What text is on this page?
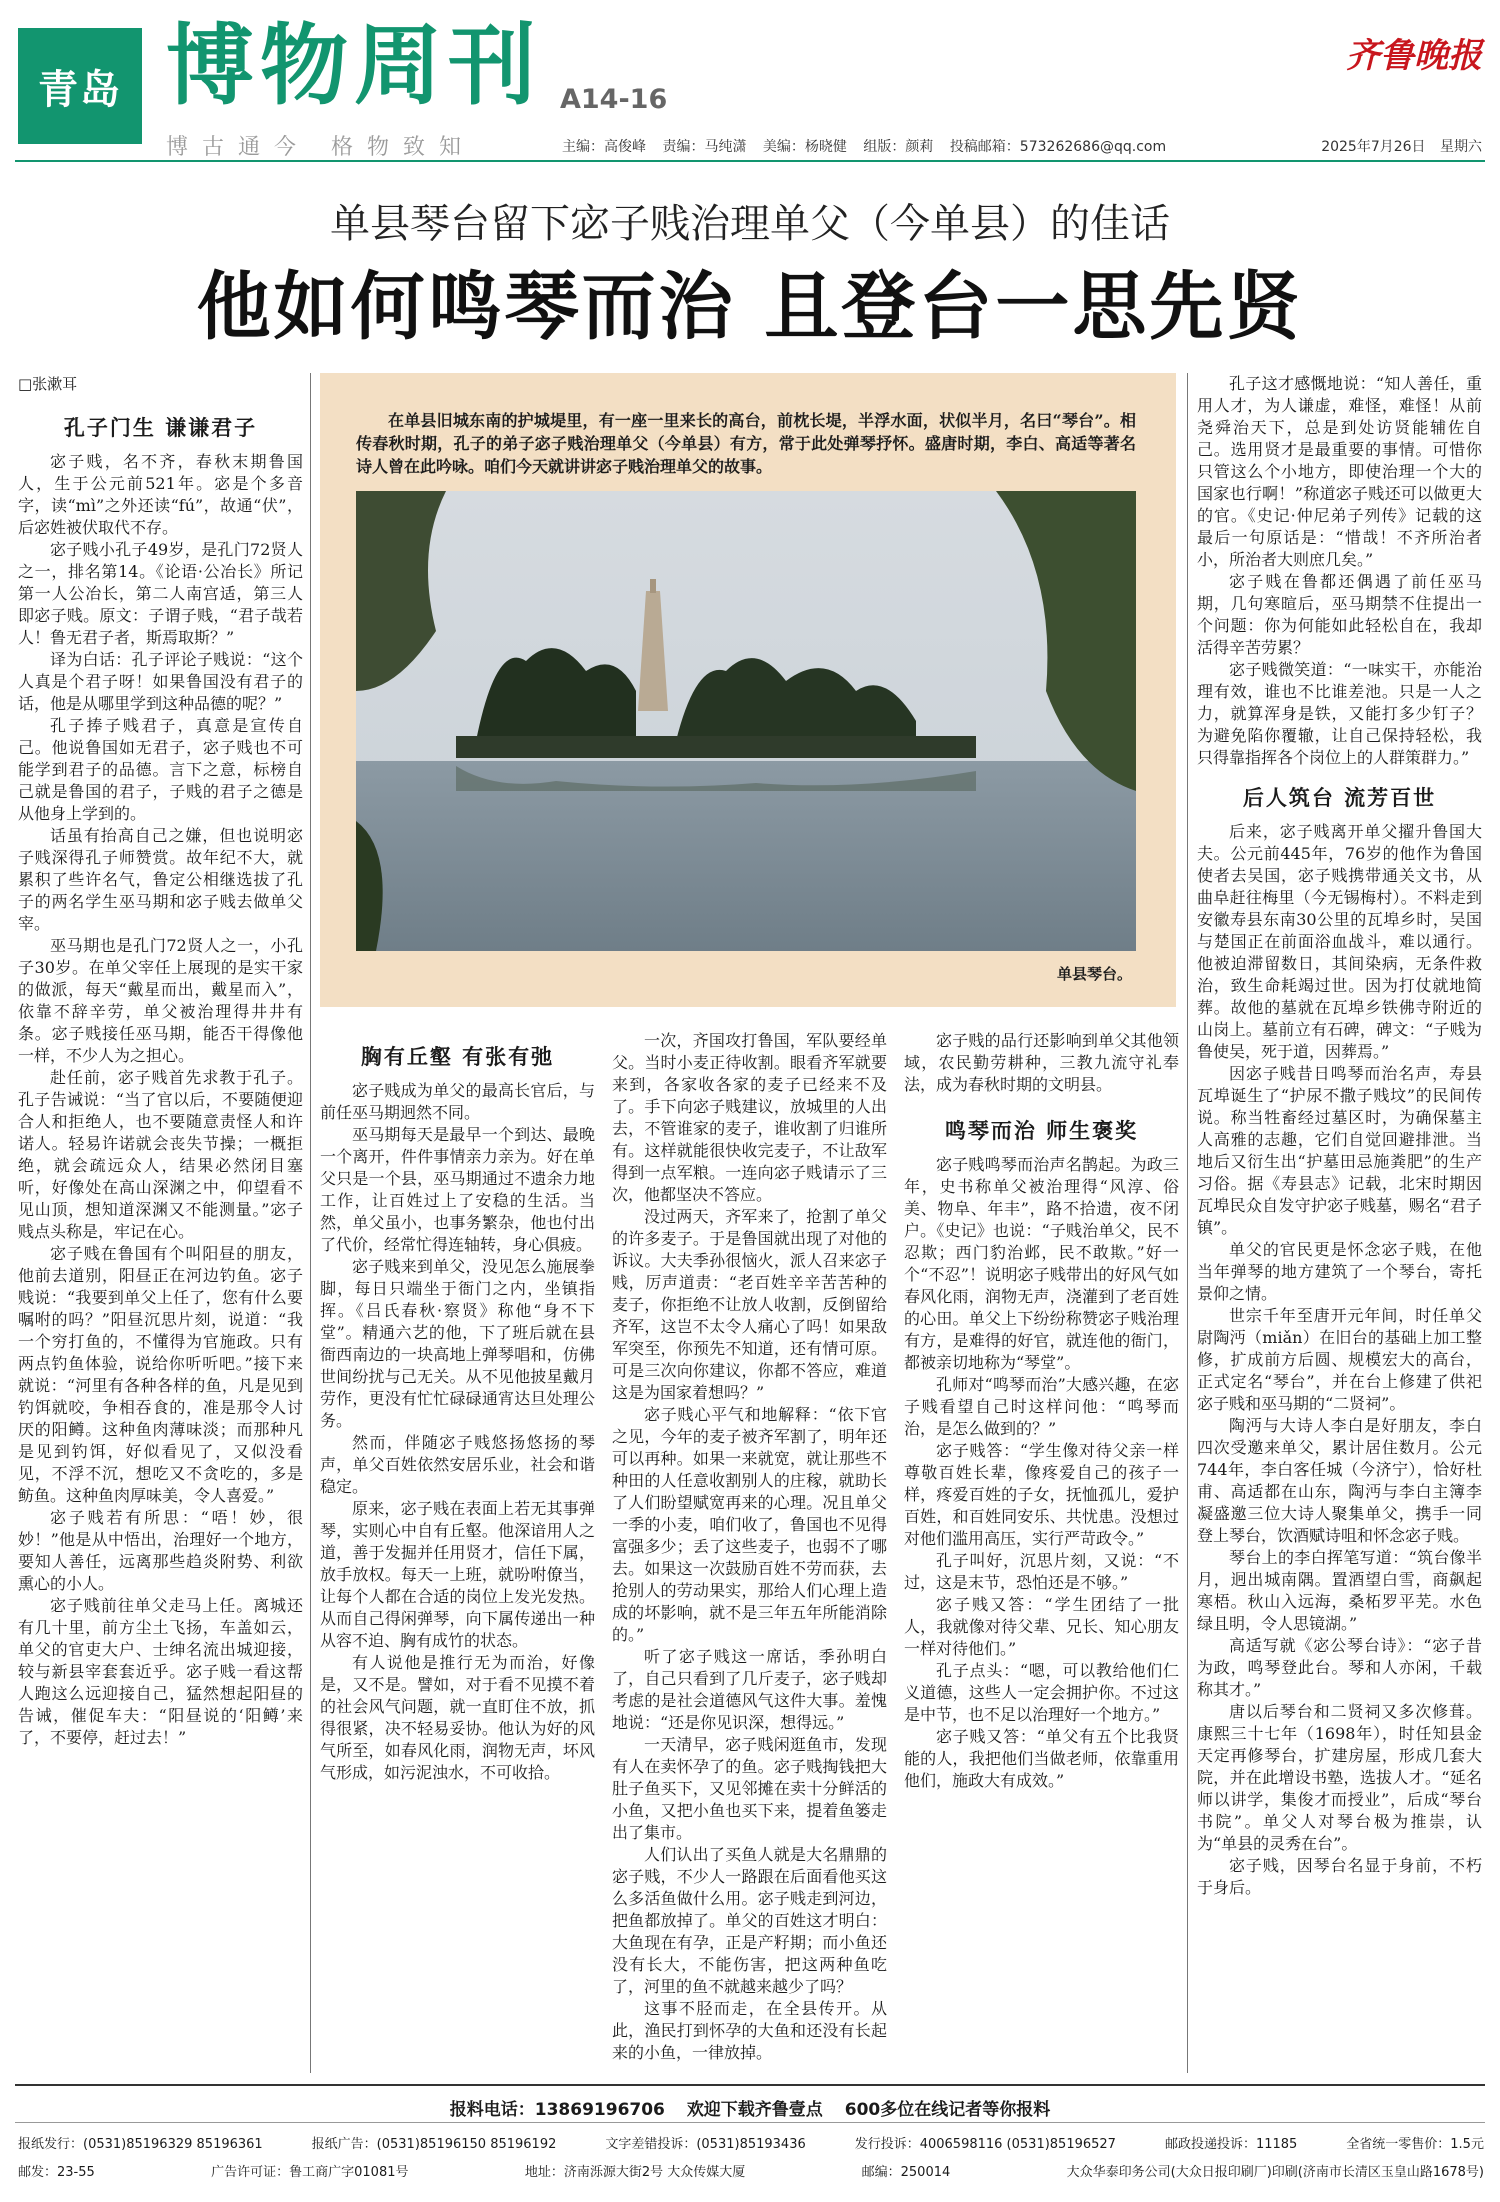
青岛 博物周刊 A14-16
齐鲁晚报
博古通今 格物致知	主编：高俊峰 责编：马纯潇 美编：杨晓健 组版：颜莉 投稿邮箱：573262686@qq.com	2025年7月26日 星期六
单县琴台留下宓子贱治理单父（今单县）的佳话
他如何鸣琴而治 且登台一思先贤
□张漱耳
孔子门生 谦谦君子

宓子贱，名不齐，春秋末期鲁国人，生于公元前521年。宓是个多音字，读“mì”之外还读“fú”，故通“伏”，后宓姓被伏取代不存。

宓子贱小孔子49岁，是孔门72贤人之一，排名第14。《论语·公冶长》所记第一人公冶长，第二人南宫适，第三人即宓子贱。原文：子谓子贱，“君子哉若人！鲁无君子者，斯焉取斯？”

译为白话：孔子评论子贱说：“这个人真是个君子呀！如果鲁国没有君子的话，他是从哪里学到这种品德的呢？”

孔子捧子贱君子，真意是宣传自己。他说鲁国如无君子，宓子贱也不可能学到君子的品德。言下之意，标榜自己就是鲁国的君子，子贱的君子之德是从他身上学到的。

话虽有抬高自己之嫌，但也说明宓子贱深得孔子师赞赏。故年纪不大，就累积了些许名气，鲁定公相继选拔了孔子的两名学生巫马期和宓子贱去做单父宰。

巫马期也是孔门72贤人之一，小孔子30岁。在单父宰任上展现的是实干家的做派，每天“戴星而出，戴星而入”，依靠不辞辛劳，单父被治理得井井有条。宓子贱接任巫马期，能否干得像他一样，不少人为之担心。

赴任前，宓子贱首先求教于孔子。孔子告诫说：“当了官以后，不要随便迎合人和拒绝人，也不要随意责怪人和许诺人。轻易许诺就会丧失节操；一概拒绝，就会疏远众人，结果必然闭目塞听，好像处在高山深渊之中，仰望看不见山顶，想知道深渊又不能测量。”宓子贱点头称是，牢记在心。

宓子贱在鲁国有个叫阳昼的朋友，他前去道别，阳昼正在河边钓鱼。宓子贱说：“我要到单父上任了，您有什么要嘱咐的吗？”阳昼沉思片刻，说道：“我一个穷打鱼的，不懂得为官施政。只有两点钓鱼体验，说给你听听吧。”接下来就说：“河里有各种各样的鱼，凡是见到钓饵就咬，争相吞食的，准是那令人讨厌的阳鳟。这种鱼肉薄味淡；而那种凡是见到钓饵，好似看见了，又似没看见，不浮不沉，想吃又不贪吃的，多是鲂鱼。这种鱼肉厚味美，令人喜爱。”

宓子贱若有所思：“唔！妙，很妙！”他是从中悟出，治理好一个地方，要知人善任，远离那些趋炎附势、利欲熏心的小人。

宓子贱前往单父走马上任。离城还有几十里，前方尘土飞扬，车盖如云，单父的官吏大户、士绅名流出城迎接，较与新县宰套套近乎。宓子贱一看这帮人跑这么远迎接自己，猛然想起阳昼的告诫，催促车夫：“阳昼说的‘阳鳟’来了，不要停，赶过去！”

在单县旧城东南的护城堤里，有一座一里来长的高台，前枕长堤，半浮水面，状似半月，名曰“琴台”。相传春秋时期，孔子的弟子宓子贱治理单父（今单县）有方，常于此处弹琴抒怀。盛唐时期，李白、高适等著名诗人曾在此吟咏。咱们今天就讲讲宓子贱治理单父的故事。

单县琴台。
胸有丘壑 有张有弛

宓子贱成为单父的最高长官后，与前任巫马期迥然不同。

巫马期每天是最早一个到达、最晚一个离开，件件事情亲力亲为。好在单父只是一个县，巫马期通过不遗余力地工作，让百姓过上了安稳的生活。当然，单父虽小，也事务繁杂，他也付出了代价，经常忙得连轴转，身心俱疲。

宓子贱来到单父，没见怎么施展拳脚，每日只端坐于衙门之内，坐镇指挥。《吕氏春秋·察贤》称他“身不下堂”。精通六艺的他，下了班后就在县衙西南边的一块高地上弹琴唱和，仿佛世间纷扰与己无关。从不见他披星戴月劳作，更没有忙忙碌碌通宵达旦处理公务。

然而，伴随宓子贱悠扬悠扬的琴声，单父百姓依然安居乐业，社会和谐稳定。

原来，宓子贱在表面上若无其事弹琴，实则心中自有丘壑。他深谙用人之道，善于发掘并任用贤才，信任下属，放手放权。每天一上班，就吩咐僚当，让每个人都在合适的岗位上发光发热。从而自己得闲弹琴，向下属传递出一种从容不迫、胸有成竹的状态。

有人说他是推行无为而治，好像是，又不是。譬如，对于看不见摸不着的社会风气问题，就一直盯住不放，抓得很紧，决不轻易妥协。他认为好的风气所至，如春风化雨，润物无声，坏风气形成，如污泥浊水，不可收拾。

一次，齐国攻打鲁国，军队要经单父。当时小麦正待收割。眼看齐军就要来到，各家收各家的麦子已经来不及了。手下向宓子贱建议，放城里的人出去，不管谁家的麦子，谁收割了归谁所有。这样就能很快收完麦子，不让敌军得到一点军粮。一连向宓子贱请示了三次，他都坚决不答应。

没过两天，齐军来了，抢割了单父的许多麦子。于是鲁国就出现了对他的诉议。大夫季孙很恼火，派人召来宓子贱，厉声道责：“老百姓辛辛苦苦种的麦子，你拒绝不让放人收割，反倒留给齐军，这岂不太令人痛心了吗！如果敌军突至，你预先不知道，还有情可原。可是三次向你建议，你都不答应，难道这是为国家着想吗？”

宓子贱心平气和地解释：“依下官之见，今年的麦子被齐军割了，明年还可以再种。如果一来就宽，就让那些不种田的人任意收割别人的庄稼，就助长了人们盼望赋宽再来的心理。况且单父一季的小麦，咱们收了，鲁国也不见得富强多少；丢了这些麦子，也弱不了哪去。如果这一次鼓励百姓不劳而获，去抢别人的劳动果实，那给人们心理上造成的坏影响，就不是三年五年所能消除的。”

听了宓子贱这一席话，季孙明白了，自己只看到了几斤麦子，宓子贱却考虑的是社会道德风气这件大事。羞愧地说：“还是你见识深，想得远。”

一天清早，宓子贱闲逛鱼市，发现有人在卖怀孕了的鱼。宓子贱掏钱把大肚子鱼买下，又见邻摊在卖十分鲜活的小鱼，又把小鱼也买下来，提着鱼篓走出了集市。

人们认出了买鱼人就是大名鼎鼎的宓子贱，不少人一路跟在后面看他买这么多活鱼做什么用。宓子贱走到河边，把鱼都放掉了。单父的百姓这才明白：大鱼现在有孕，正是产籽期；而小鱼还没有长大，不能伤害，把这两种鱼吃了，河里的鱼不就越来越少了吗？

这事不胫而走，在全县传开。从此，渔民打到怀孕的大鱼和还没有长起来的小鱼，一律放掉。

宓子贱的品行还影响到单父其他领域，农民勤劳耕种，三教九流守礼奉法，成为春秋时期的文明县。

鸣琴而治 师生褒奖

宓子贱鸣琴而治声名鹊起。为政三年，史书称单父被治理得“风淳、俗美、物阜、年丰”，路不拾遗，夜不闭户。《史记》也说：“子贱治单父，民不忍欺；西门豹治邺，民不敢欺。”好一个“不忍”！说明宓子贱带出的好风气如春风化雨，润物无声，浇灌到了老百姓的心田。单父上下纷纷称赞宓子贱治理有方，是难得的好官，就连他的衙门，都被亲切地称为“琴堂”。

孔师对“鸣琴而治”大感兴趣，在宓子贱看望自己时这样问他：“鸣琴而治，是怎么做到的？”

宓子贱答：“学生像对待父亲一样尊敬百姓长辈，像疼爱自己的孩子一样，疼爱百姓的子女，抚恤孤儿，爱护百姓，和百姓同安乐、共忧患。没想过对他们滥用高压，实行严苛政令。”

孔子叫好，沉思片刻，又说：“不过，这是末节，恐怕还是不够。”

宓子贱又答：“学生团结了一批人，我就像对待父辈、兄长、知心朋友一样对待他们。”

孔子点头：“嗯，可以教给他们仁义道德，这些人一定会拥护你。不过这是中节，也不足以治理好一个地方。”

宓子贱又答：“单父有五个比我贤能的人，我把他们当做老师，依靠重用他们，施政大有成效。”

孔子这才感慨地说：“知人善任，重用人才，为人谦虚，难怪，难怪！从前尧舜治天下，总是到处访贤能辅佐自己。选用贤才是最重要的事情。可惜你只管这么个小地方，即使治理一个大的国家也行啊！”称道宓子贱还可以做更大的官。《史记·仲尼弟子列传》记载的这最后一句原话是：“惜哉！不齐所治者小，所治者大则庶几矣。”

宓子贱在鲁都还偶遇了前任巫马期，几句寒暄后，巫马期禁不住提出一个问题：你为何能如此轻松自在，我却活得辛苦劳累？

宓子贱微笑道：“一味实干，亦能治理有效，谁也不比谁差池。只是一人之力，就算浑身是铁，又能打多少钉子？为避免陷你覆辙，让自己保持轻松，我只得靠指挥各个岗位上的人群策群力。”

后人筑台 流芳百世

后来，宓子贱离开单父擢升鲁国大夫。公元前445年，76岁的他作为鲁国使者去吴国，宓子贱携带通关文书，从曲阜赶往梅里（今无锡梅村）。不料走到安徽寿县东南30公里的瓦埠乡时，吴国与楚国正在前面浴血战斗，难以通行。他被迫滞留数日，其间染病，无条件救治，致生命耗竭过世。因为打仗就地简葬。故他的墓就在瓦埠乡铁佛寺附近的山岗上。墓前立有石碑，碑文：“子贱为鲁使吴，死于道，因葬焉。”

因宓子贱昔日鸣琴而治名声，寿县瓦埠诞生了“护尿不撒子贱坟”的民间传说。称当牲畜经过墓区时，为确保墓主人高雅的志趣，它们自觉回避排泄。当地后又衍生出“护墓田忌施粪肥”的生产习俗。据《寿县志》记载，北宋时期因瓦埠民众自发守护宓子贱墓，赐名“君子镇”。

单父的官民更是怀念宓子贱，在他当年弹琴的地方建筑了一个琴台，寄托景仰之情。

世宗千年至唐开元年间，时任单父尉陶沔（miǎn）在旧台的基础上加工整修，扩成前方后圆、规模宏大的高台，正式定名“琴台”，并在台上修建了供祀宓子贱和巫马期的“二贤祠”。

陶沔与大诗人李白是好朋友，李白四次受邀来单父，累计居住数月。公元744年，李白客任城（今济宁），恰好杜甫、高适都在山东，陶沔与李白主簿李凝盛邀三位大诗人聚集单父，携手一同登上琴台，饮酒赋诗咀和怀念宓子贱。

琴台上的李白挥笔写道：“筑台像半月，迥出城南隅。置酒望白雪，商飙起寒梧。秋山入远海，桑柘罗平芜。水色绿且明，令人思镜湖。”

高适写就《宓公琴台诗》：“宓子昔为政，鸣琴登此台。琴和人亦闲，千载称其才。”

唐以后琴台和二贤祠又多次修葺。康熙三十七年（1698年），时任知县金天定再修琴台，扩建房屋，形成几套大院，并在此增设书塾，选拔人才。“延名师以讲学，集俊才而授业”，后成“琴台书院”。单父人对琴台极为推崇，认为“单县的灵秀在台”。

宓子贱，因琴台名显于身前，不朽于身后。

报料电话：13869196706 欢迎下载齐鲁壹点 600多位在线记者等你报料
报纸发行：(0531)85196329 85196361	报纸广告：(0531)85196150 85196192	文字差错投诉：(0531)85193436	发行投诉：4006598116 (0531)85196527	邮政投递投诉：11185	全省统一零售价：1.5元
邮发：23-55	广告许可证：鲁工商广字01081号	地址：济南泺源大街2号 大众传媒大厦	邮编：250014	大众华泰印务公司(大众日报印刷厂)印刷(济南市长清区玉皇山路1678号)
